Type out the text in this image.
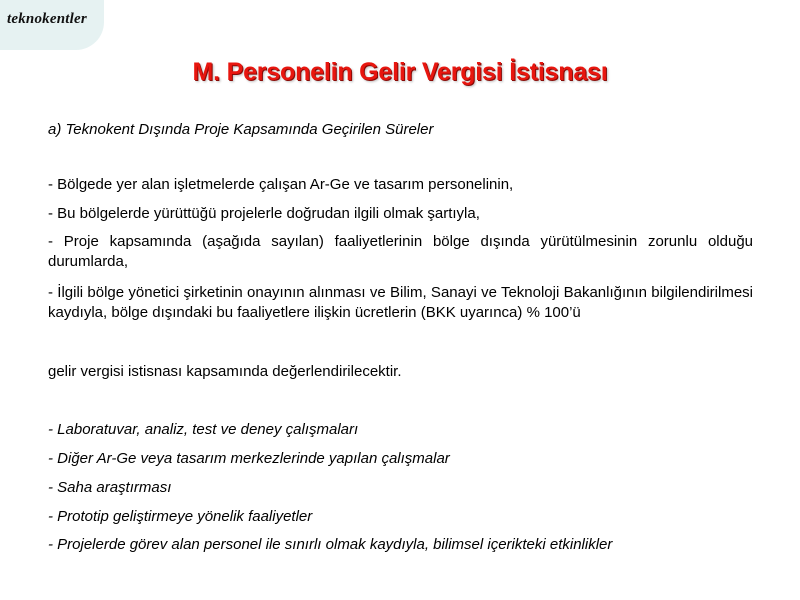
teknokentler
M. Personelin Gelir Vergisi İstisnası

a) Teknokent Dışında Proje Kapsamında Geçirilen Süreler

- Bölgede yer alan işletmelerde çalışan Ar-Ge ve tasarım personelinin,

- Bu bölgelerde yürüttüğü projelerle doğrudan ilgili olmak şartıyla,

- Proje kapsamında (aşağıda sayılan) faaliyetlerinin bölge dışında yürütülmesinin zorunlu olduğu durumlarda,

- İlgili bölge yönetici şirketinin onayının alınması ve Bilim, Sanayi ve Teknoloji Bakanlığının bilgilendirilmesi kaydıyla, bölge dışındaki bu faaliyetlere ilişkin ücretlerin (BKK uyarınca) % 100’ü

gelir vergisi istisnası kapsamında değerlendirilecektir.

- Laboratuvar, analiz, test ve deney çalışmaları

- Diğer Ar-Ge veya tasarım merkezlerinde yapılan çalışmalar

- Saha araştırması

- Prototip geliştirmeye yönelik faaliyetler

- Projelerde görev alan personel ile sınırlı olmak kaydıyla, bilimsel içerikteki etkinlikler
